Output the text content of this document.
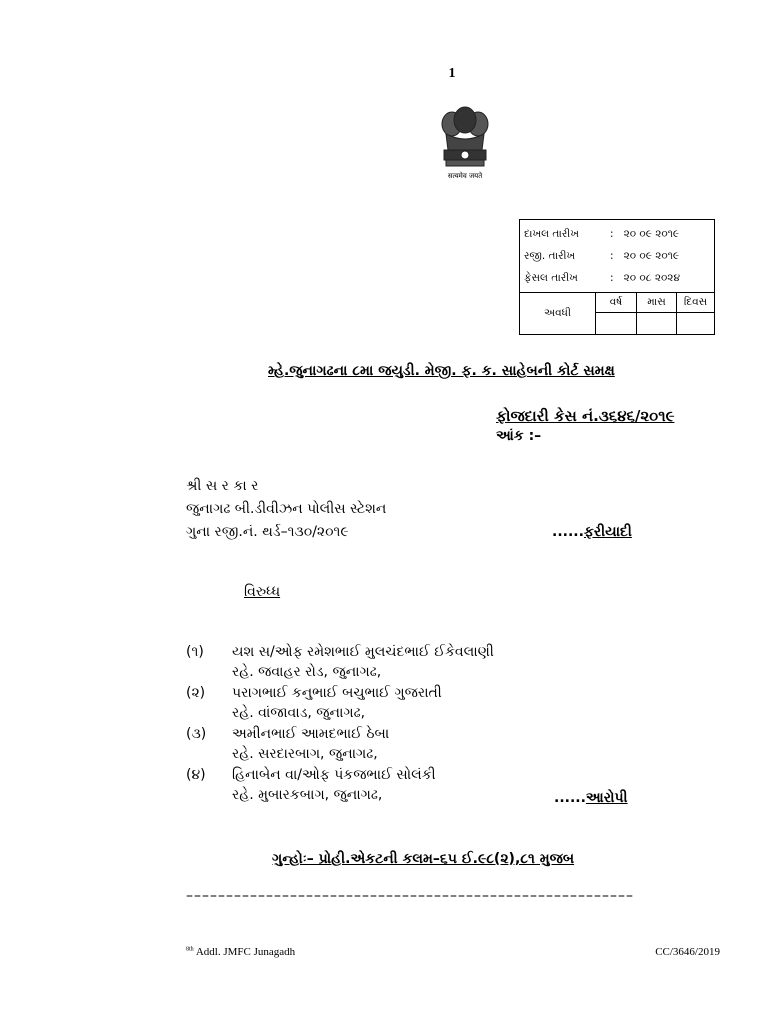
1
सत्यमेव जयते
દાખલ તારીખ : ૨૦ ૦૯ ૨૦૧૯
રજી. તારીખ : ૨૦ ૦૯ ૨૦૧૯
ફેસલ તારીખ : ૨૦ ૦૮ ૨૦૨૪			

અવધી	વર્ષ	માસ	દિવસ

મ્હે.જુનાગઢના ૮મા જયુડી. મેજી. ફ. ક. સાહેબની કોર્ટ સમક્ષ
ફોજદારી કેસ નં.૩૬૪૬/૨૦૧૯
આંક :–
શ્રી સ ર કા ર
જુનાગઢ બી.ડીવીઝન પોલીસ સ્ટેશન
ગુના રજી.નં. થર્ડ–૧૩૦/૨૦૧૯	......ફરીયાદી
વિરુધ્ધ
(૧) યશ સ/ઓફ રમેશભાઈ મુલચંદભાઈ ઈકેવલાણી
રહે. જવાહર રોડ, જુનાગઢ,
(૨) પરાગભાઈ કનુભાઈ બચુભાઈ ગુજરાતી
રહે. વાંજાવાડ, જુનાગઢ,
(૩) અમીનભાઈ આમદભાઈ ઠેબા
રહે. સરદારબાગ, જુનાગઢ,
(૪) હિનાબેન વા/ઓફ પંકજભાઈ સોલંકી
રહે. મુબારકબાગ, જુનાગઢ,	......આરોપી
ગુન્હોઃ– પ્રોહી.એકટની કલમ–૬૫ ઈ.૯૮(૨),૮૧ મુજબ
––––––––––––––––––––––––––––––––––––––––––––––––––––––––
$^{8th}$ Addl. JMFC Junagadh	CC/3646/2019
